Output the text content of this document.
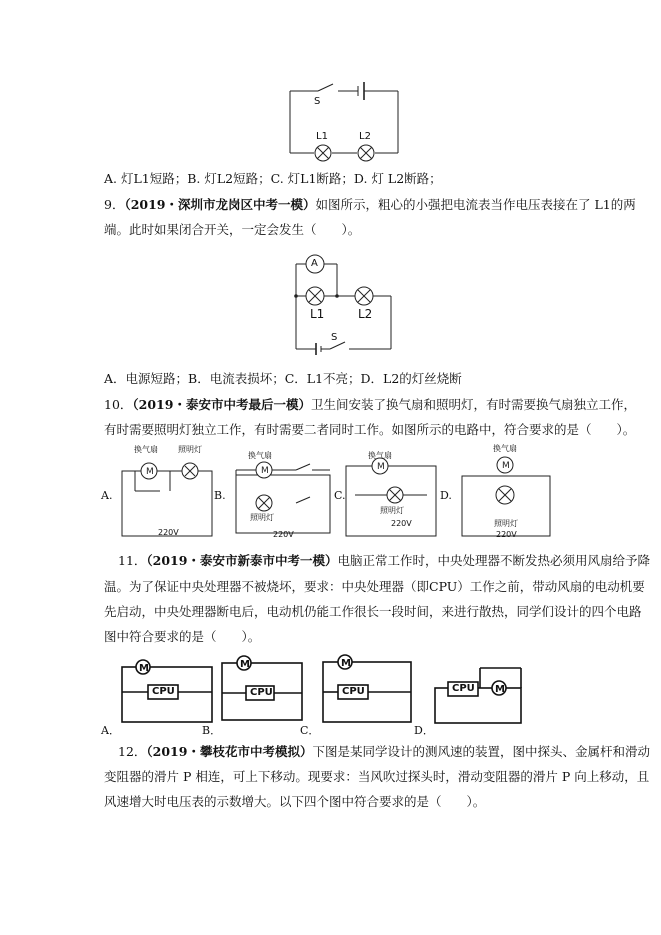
S
L1	L2
A. 灯L1短路；B. 灯L2短路；C. 灯L1断路；D. 灯 L2断路；
9．（2019・深圳市龙岗区中考一模）如图所示，粗心的小强把电流表当作电压表接在了 L1的两
端。此时如果闭合开关，一定会发生（　　）。
A
L1	L2
S
A．电源短路；B．电流表损坏；C．L1不亮；D．L2的灯丝烧断
10．（2019・泰安市中考最后一模）卫生间安装了换气扇和照明灯，有时需要换气扇独立工作，
有时需要照明灯独立工作，有时需要二者同时工作。如图所示的电路中，符合要求的是（　　）。
M	M	M	M
换气扇	照明灯
220V
换气扇
照明灯
220V
换气扇
照明灯
220V
换气扇
照明灯
220V
A.	B.	C.	D.
11．（2019・泰安市新泰市中考一模）电脑正常工作时，中央处理器不断发热必须用风扇给予降
温。为了保证中央处理器不被烧坏，要求：中央处理器（即CPU）工作之前，带动风扇的电动机要
先启动，中央处理器断电后，电动机仍能工作很长一段时间，来进行散热，同学们设计的四个电路
图中符合要求的是（　　）。
M	M	M
M
CPU	CPU	CPU	CPU
A．	B．	C．	D．
12．（2019・攀枝花市中考模拟）下图是某同学设计的测风速的装置，图中探头、金属杆和滑动
变阻器的滑片 P 相连，可上下移动。现要求：当风吹过探头时，滑动变阻器的滑片 P 向上移动，且
风速增大时电压表的示数增大。以下四个图中符合要求的是（　　）。
